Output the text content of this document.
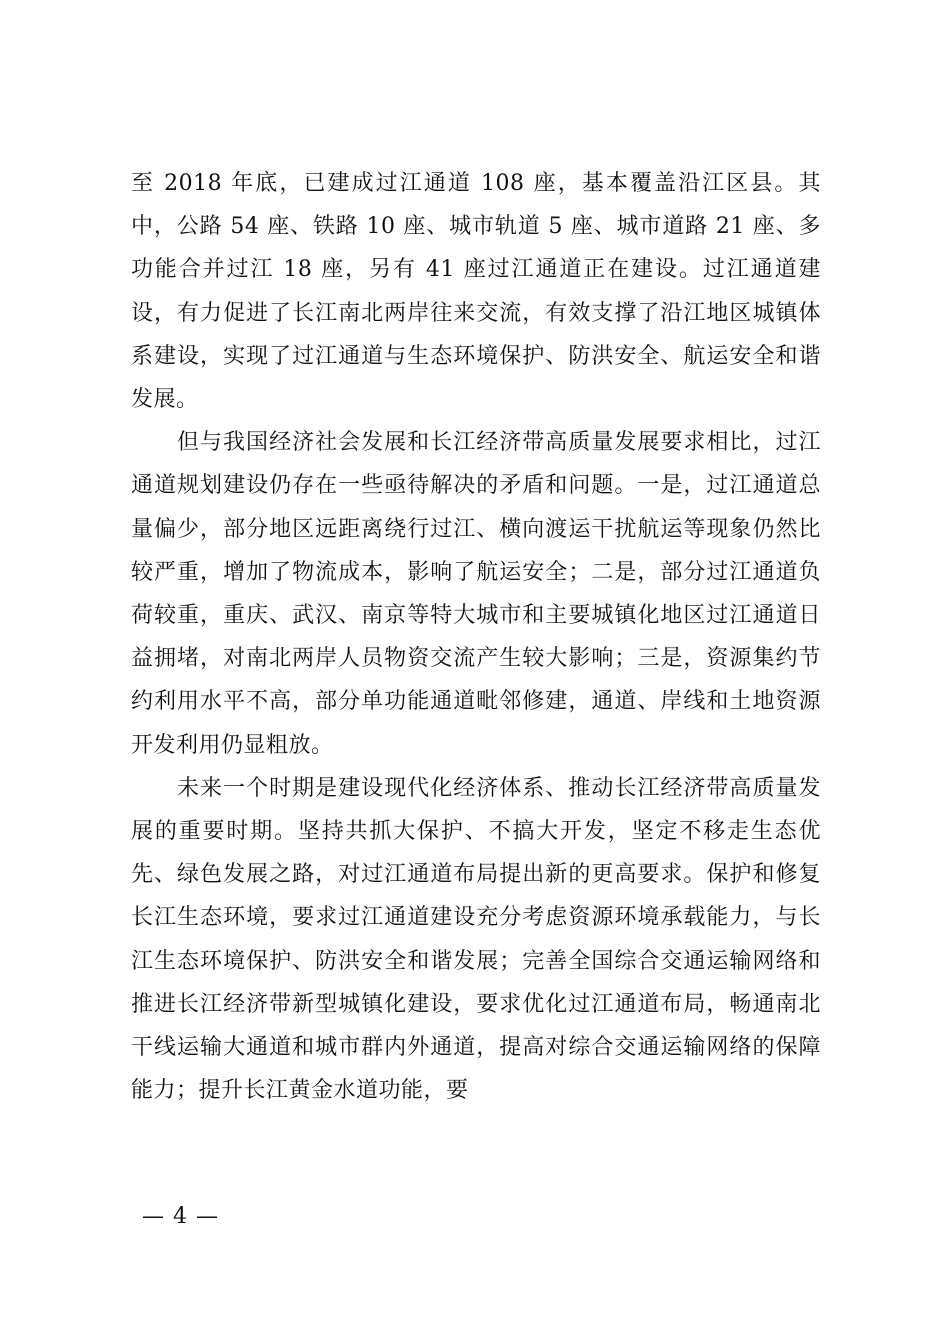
至 2018 年底，已建成过江通道 108 座，基本覆盖沿江区县。其中，公路 54 座、铁路 10 座、城市轨道 5 座、城市道路 21 座、多功能合并过江 18 座，另有 41 座过江通道正在建设。过江通道建设，有力促进了长江南北两岸往来交流，有效支撑了沿江地区城镇体系建设，实现了过江通道与生态环境保护、防洪安全、航运安全和谐发展。

但与我国经济社会发展和长江经济带高质量发展要求相比，过江通道规划建设仍存在一些亟待解决的矛盾和问题。一是，过江通道总量偏少，部分地区远距离绕行过江、横向渡运干扰航运等现象仍然比较严重，增加了物流成本，影响了航运安全；二是，部分过江通道负荷较重，重庆、武汉、南京等特大城市和主要城镇化地区过江通道日益拥堵，对南北两岸人员物资交流产生较大影响；三是，资源集约节约利用水平不高，部分单功能通道毗邻修建，通道、岸线和土地资源开发利用仍显粗放。

未来一个时期是建设现代化经济体系、推动长江经济带高质量发展的重要时期。坚持共抓大保护、不搞大开发，坚定不移走生态优先、绿色发展之路，对过江通道布局提出新的更高要求。保护和修复长江生态环境，要求过江通道建设充分考虑资源环境承载能力，与长江生态环境保护、防洪安全和谐发展；完善全国综合交通运输网络和推进长江经济带新型城镇化建设，要求优化过江通道布局，畅通南北干线运输大通道和城市群内外通道，提高对综合交通运输网络的保障能力；提升长江黄金水道功能，要

— 4 —
